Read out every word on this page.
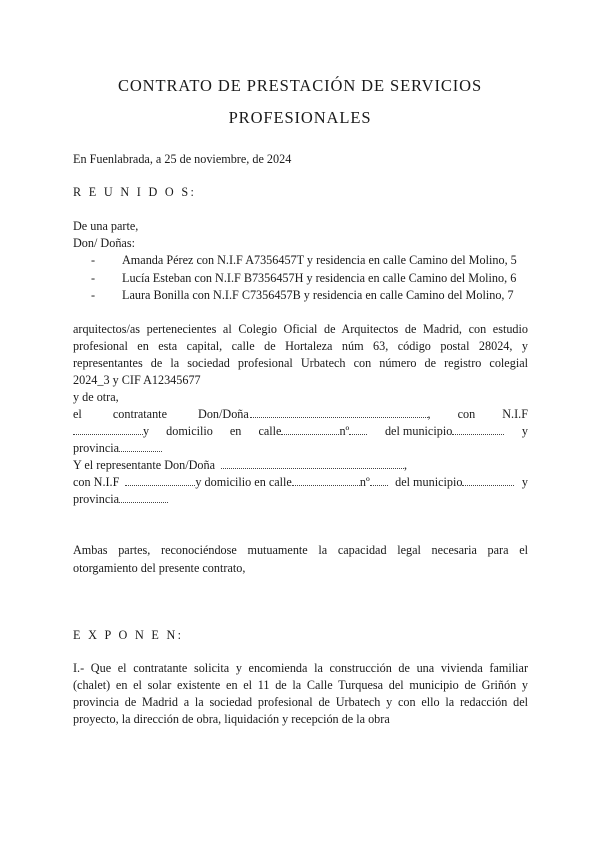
CONTRATO DE PRESTACIÓN DE SERVICIOS
PROFESIONALES
En Fuenlabrada, a 25 de noviembre, de 2024
R E U N I D O S:
De una parte,
Don/ Doñas:
- Amanda Pérez con N.I.F A7356457T y residencia en calle Camino del Molino, 5
- Lucía Esteban con N.I.F B7356457H y residencia en calle Camino del Molino, 6
- Laura Bonilla con N.I.F C7356457B y residencia en calle Camino del Molino, 7
arquitectos/as pertenecientes al Colegio Oficial de Arquitectos de Madrid, con estudio
profesional en esta capital, calle de Hortaleza núm 63, código postal 28024, y
representantes de la sociedad profesional Urbatech con número de registro colegial
2024_3 y CIF A12345677
y de otra,
el contratante Don/Doña	, con N.I.F
y domicilio en calle	nº	del municipio	y
provincia
Y el representante Don/Doña	,
con N.I.F	y domicilio en calle	nº del municipio	y
provincia
Ambas partes, reconociéndose mutuamente la capacidad legal necesaria para el
otorgamiento del presente contrato,
E X P O N E N:
I.- Que el contratante solicita y encomienda la construcción de una vivienda familiar
(chalet) en el solar existente en el 11 de la Calle Turquesa del municipio de Griñón y
provincia de Madrid a la sociedad profesional de Urbatech y con ello la redacción del
proyecto, la dirección de obra, liquidación y recepción de la obra
